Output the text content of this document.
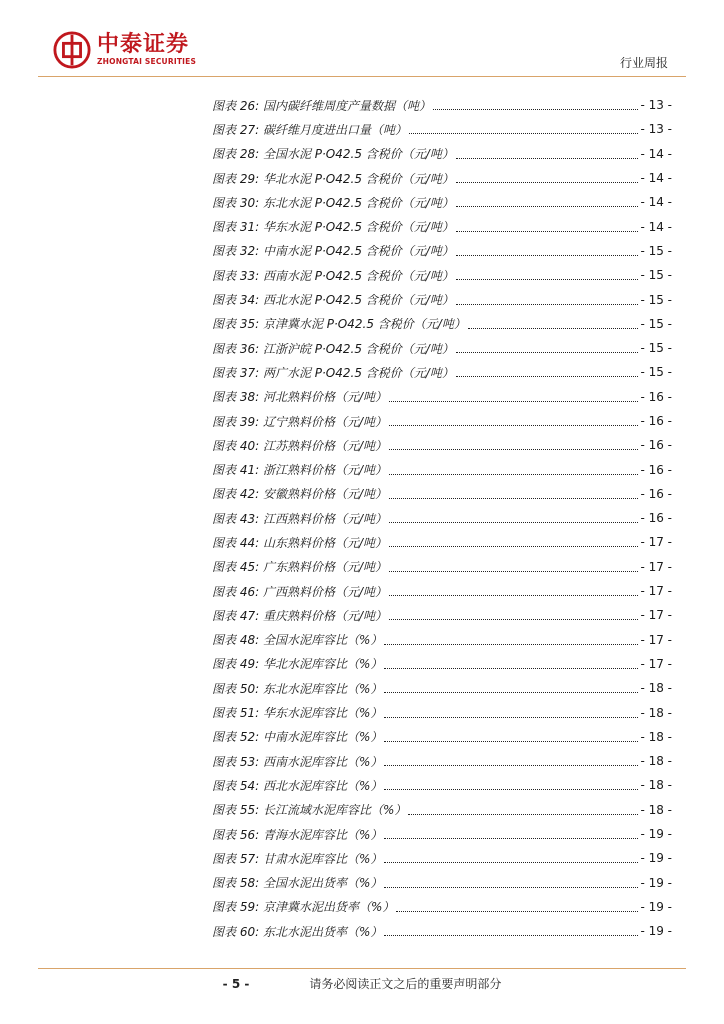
中泰证券
ZHONGTAI SECURITIES	行业周报
图表 26: 国内碳纤维周度产量数据（吨）	- 13 -
图表 27: 碳纤维月度进出口量（吨）	- 13 -
图表 28: 全国水泥 P·O42.5 含税价（元/吨）	- 14 -
图表 29: 华北水泥 P·O42.5 含税价（元/吨）	- 14 -
图表 30: 东北水泥 P·O42.5 含税价（元/吨）	- 14 -
图表 31: 华东水泥 P·O42.5 含税价（元/吨）	- 14 -
图表 32: 中南水泥 P·O42.5 含税价（元/吨）	- 15 -
图表 33: 西南水泥 P·O42.5 含税价（元/吨）	- 15 -
图表 34: 西北水泥 P·O42.5 含税价（元/吨）	- 15 -
图表 35: 京津冀水泥 P·O42.5 含税价（元/吨）	- 15 -
图表 36: 江浙沪皖 P·O42.5 含税价（元/吨）	- 15 -
图表 37: 两广水泥 P·O42.5 含税价（元/吨）	- 15 -
图表 38: 河北熟料价格（元/吨）	- 16 -
图表 39: 辽宁熟料价格（元/吨）	- 16 -
图表 40: 江苏熟料价格（元/吨）	- 16 -
图表 41: 浙江熟料价格（元/吨）	- 16 -
图表 42: 安徽熟料价格（元/吨）	- 16 -
图表 43: 江西熟料价格（元/吨）	- 16 -
图表 44: 山东熟料价格（元/吨）	- 17 -
图表 45: 广东熟料价格（元/吨）	- 17 -
图表 46: 广西熟料价格（元/吨）	- 17 -
图表 47: 重庆熟料价格（元/吨）	- 17 -
图表 48: 全国水泥库容比（%）	- 17 -
图表 49: 华北水泥库容比（%）	- 17 -
图表 50: 东北水泥库容比（%）	- 18 -
图表 51: 华东水泥库容比（%）	- 18 -
图表 52: 中南水泥库容比（%）	- 18 -
图表 53: 西南水泥库容比（%）	- 18 -
图表 54: 西北水泥库容比（%）	- 18 -
图表 55: 长江流域水泥库容比（%）	- 18 -
图表 56: 青海水泥库容比（%）	- 19 -
图表 57: 甘肃水泥库容比（%）	- 19 -
图表 58: 全国水泥出货率（%）	- 19 -
图表 59: 京津冀水泥出货率（%）	- 19 -
图表 60: 东北水泥出货率（%）	- 19 -
- 5 -	请务必阅读正文之后的重要声明部分
